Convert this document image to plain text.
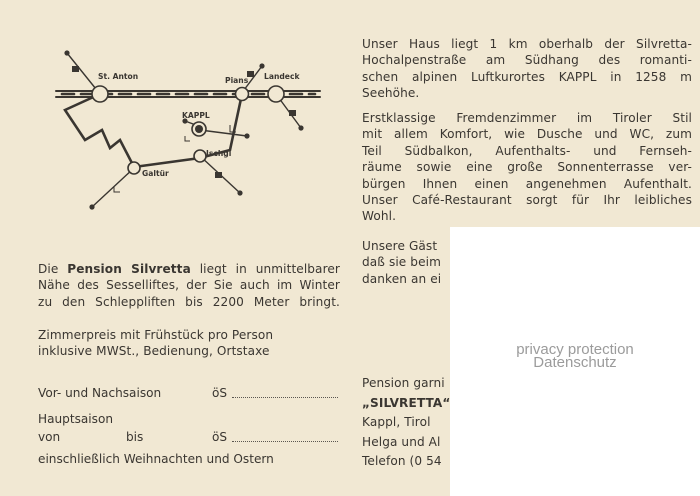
St. Anton	Pians Landeck
KAPPL
Ischgl
Galtür
Unser Haus liegt 1 km oberhalb der Silvretta-
Hochalpenstraße am Südhang des romanti-
schen alpinen Luftkurortes KAPPL in 1258 m
Seehöhe.
Erstklassige Fremdenzimmer im Tiroler Stil
mit allem Komfort, wie Dusche und WC, zum
Teil Südbalkon, Aufenthalts- und Fernseh-
räume sowie eine große Sonnenterrasse ver-
bürgen Ihnen einen angenehmen Aufenthalt.
Unser Café-Restaurant sorgt für Ihr leibliches
Wohl.
Unsere Gäst
daß sie beim
danken an ei
Die Pension Silvretta liegt in unmittelbarer
Nähe des Sesselliftes, der Sie auch im Winter
zu den Schleppliften bis 2200 Meter bringt.
Zimmerpreis mit Frühstück pro Person
inklusive MWSt., Bedienung, Ortstaxe
Vor- und Nachsaison	öS
Hauptsaison
von	bis	öS
einschließlich Weihnachten und Ostern
Pension garni
„SILVRETTA“
Kappl, Tirol
Helga und Al
Telefon (0 54
privacy protection
Datenschutz
